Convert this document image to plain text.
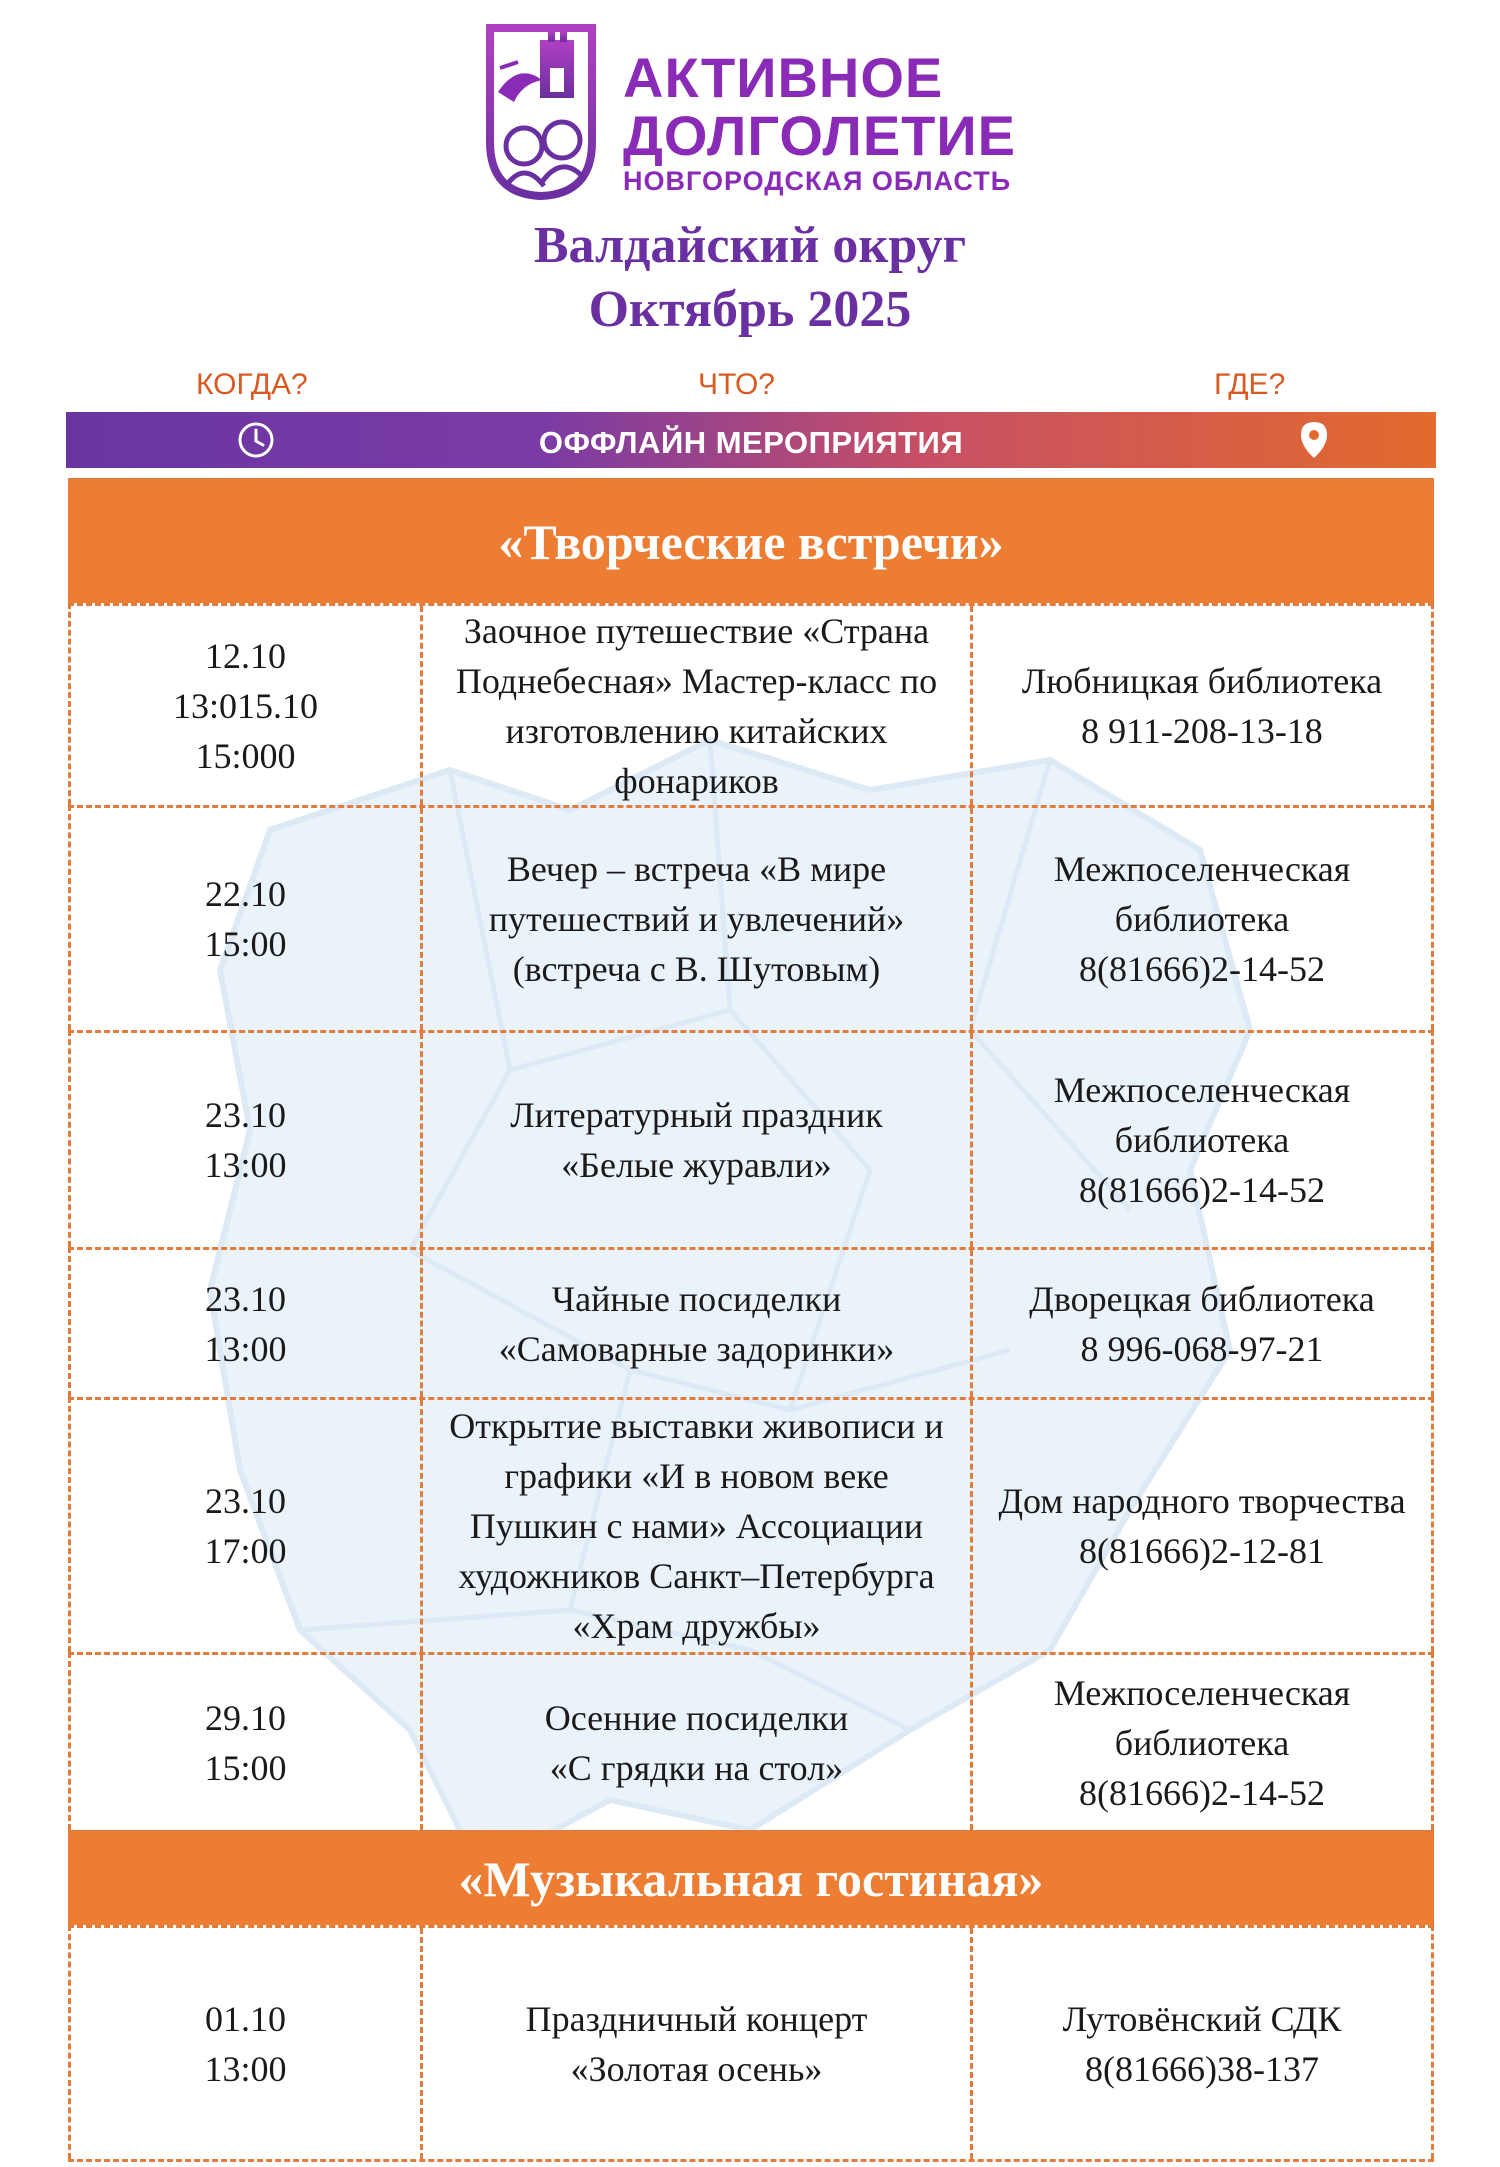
АКТИВНОЕ
ДОЛГОЛЕТИЕ
НОВГОРОДСКАЯ ОБЛАСТЬ
Валдайский округ
Октябрь 2025
КОГДА?	ЧТО?	ГДЕ?
ОФФЛАЙН МЕРОПРИЯТИЯ
«Творческие встречи»
12.10
13:015.10
15:000
Заочное путешествие «Страна Поднебесная» Мастер-класс по изготовлению китайских фонариков
Любницкая библиотека
8 911-208-13-18
22.10
15:00
Вечер – встреча «В мире путешествий и увлечений» (встреча с В. Шутовым)
Межпоселенческая библиотека
8(81666)2-14-52
23.10
13:00
Литературный праздник
«Белые журавли»
Межпоселенческая библиотека
8(81666)2-14-52
23.10
13:00
Чайные посиделки
«Самоварные задоринки»
Дворецкая библиотека
8 996-068-97-21
23.10
17:00
Открытие выставки живописи и графики «И в новом веке Пушкин с нами» Ассоциации художников Санкт–Петербурга «Храм дружбы»
Дом народного творчества
8(81666)2-12-81
29.10
15:00
Осенние посиделки
«С грядки на стол»
Межпоселенческая библиотека
8(81666)2-14-52
«Музыкальная гостиная»
01.10
13:00
Праздничный концерт
«Золотая осень»
Лутовёнский СДК
8(81666)38-137
